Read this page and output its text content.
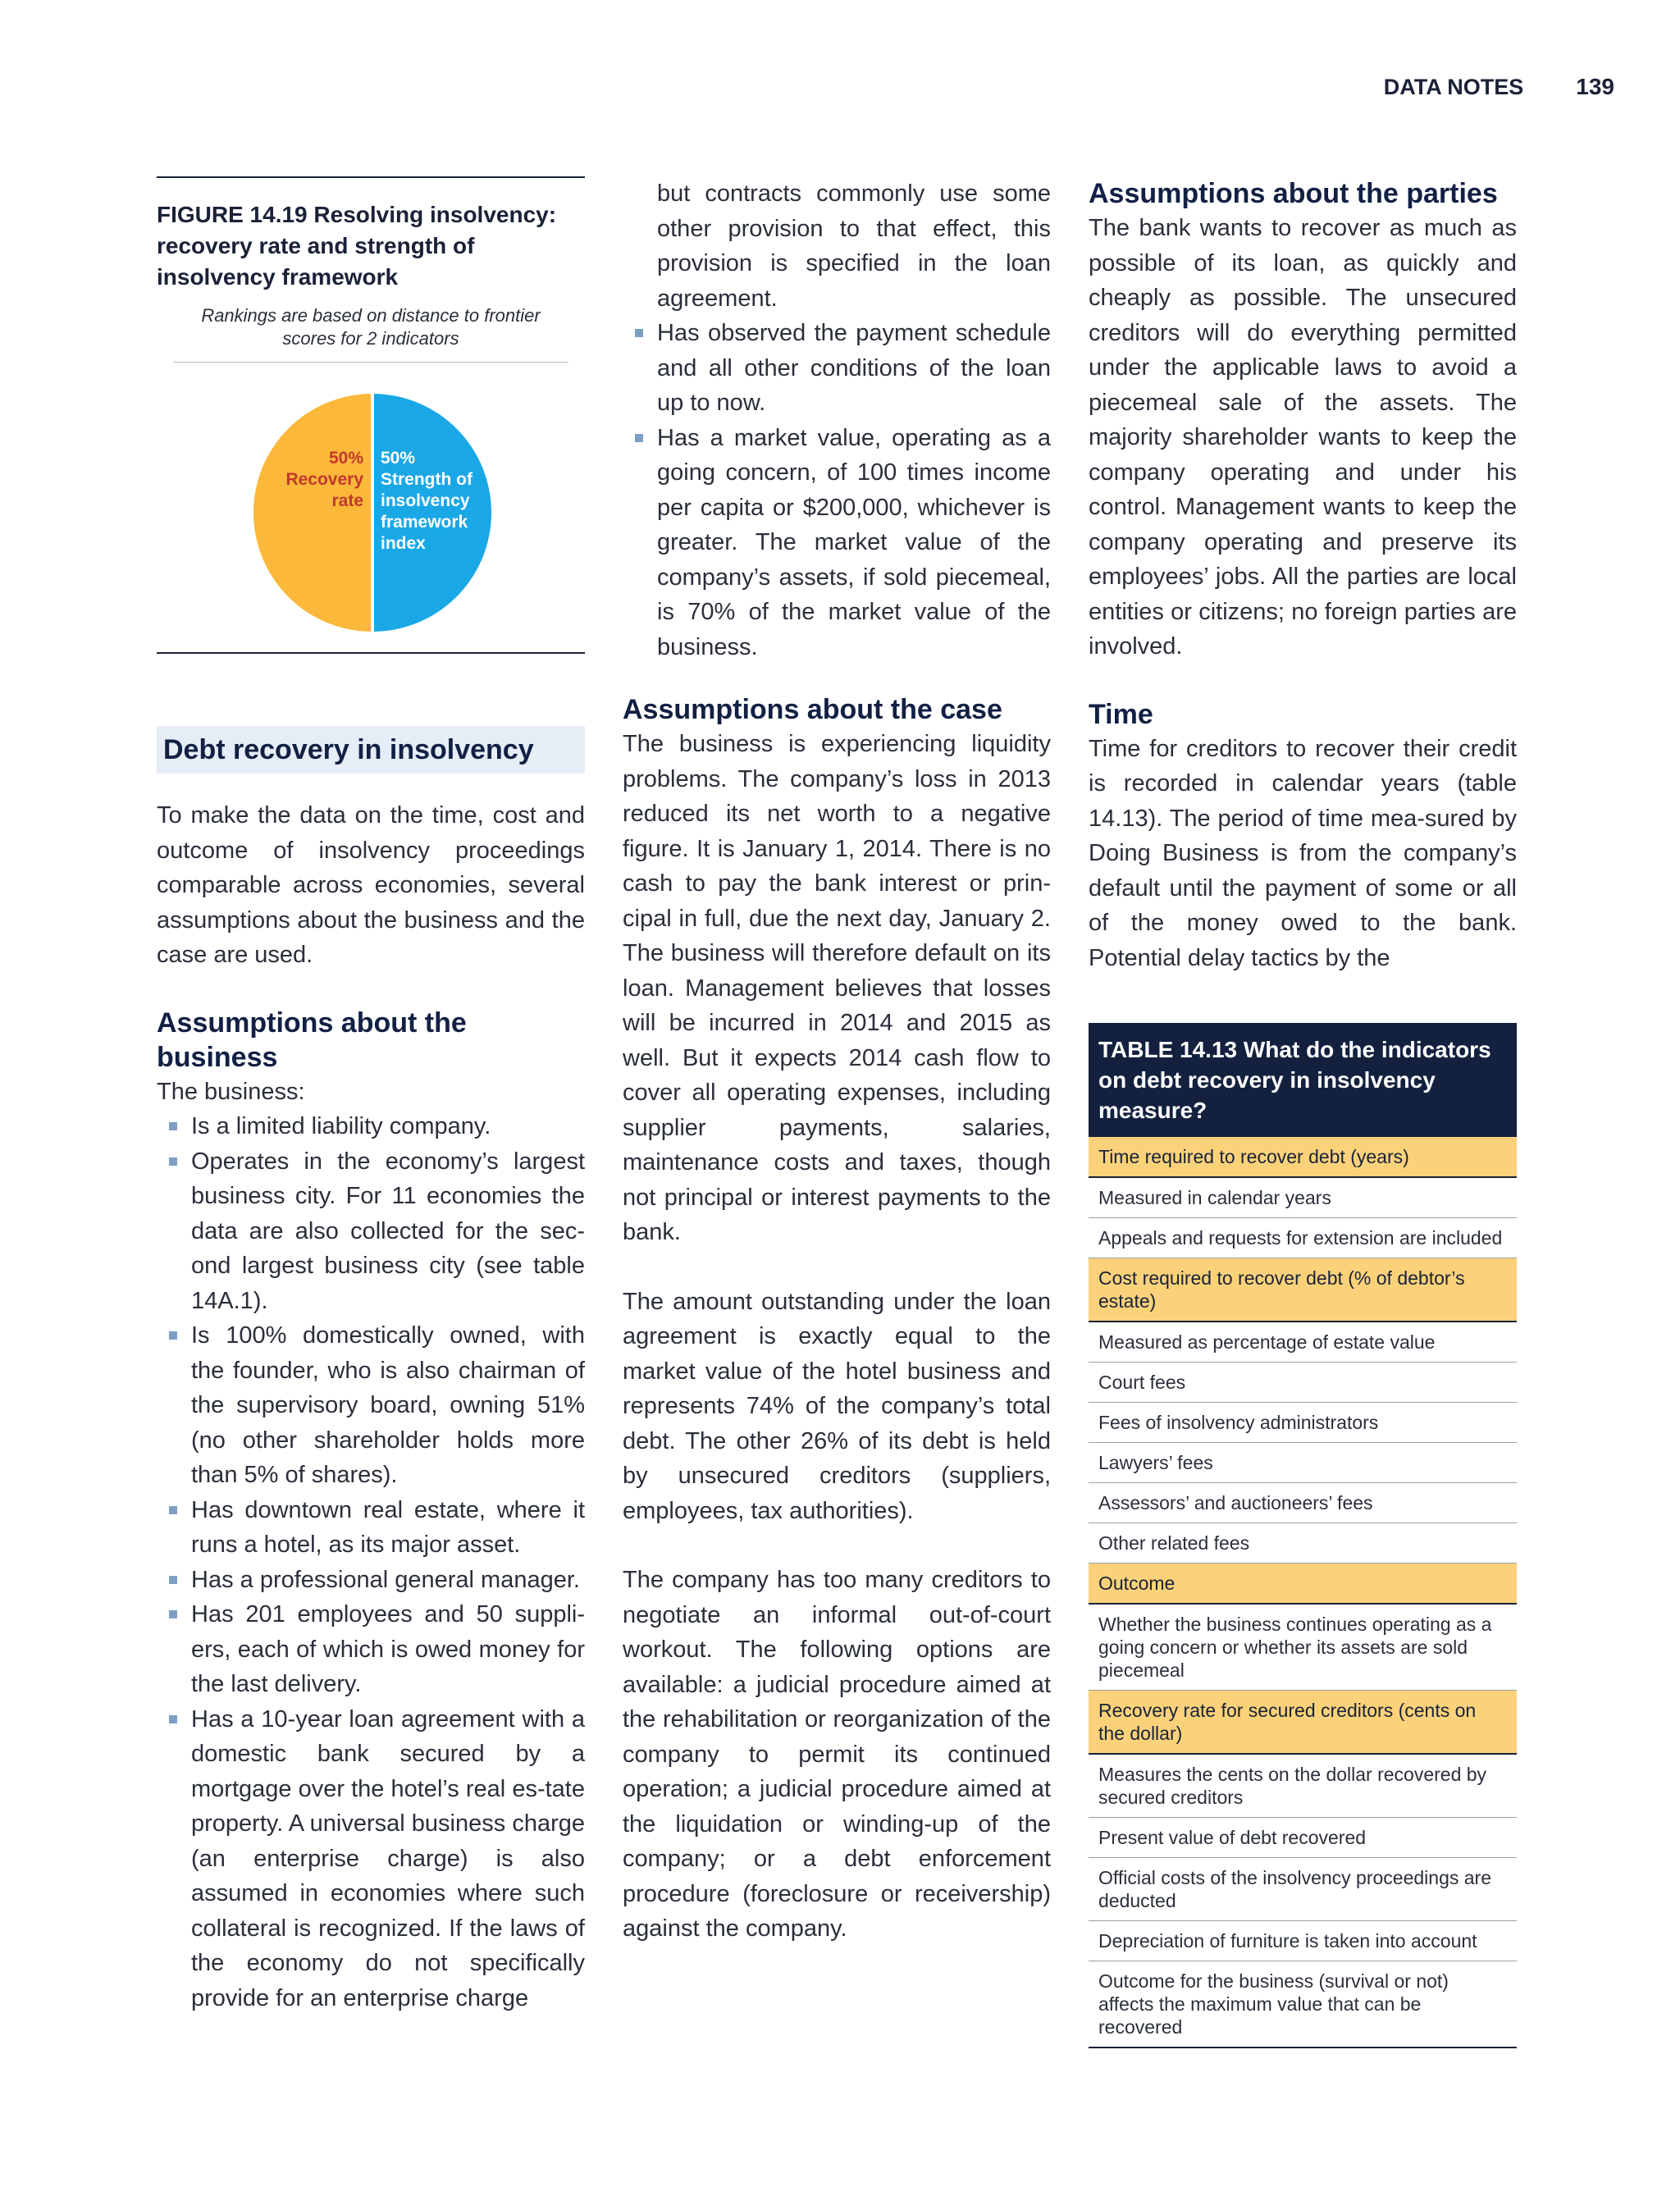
DATA NOTES 139
FIGURE 14.19 Resolving insolvency: recovery rate and strength of insolvency framework
Rankings are based on distance to frontier scores for 2 indicators
50%
Recovery
rate
50%
Strength of
insolvency
framework
index
Debt recovery in insolvency

To make the data on the time, cost and outcome of insolvency proceedings comparable across economies, several assumptions about the business and the case are used.

Assumptions about the business

The business:

Is a limited liability company.
Operates in the economy’s largest business city. For 11 economies the data are also collected for the sec-ond largest business city (see table 14A.1).
Is 100% domestically owned, with the founder, who is also chairman of the supervisory board, owning 51% (no other shareholder holds more than 5% of shares).
Has downtown real estate, where it runs a hotel, as its major asset.
Has a professional general manager.
Has 201 employees and 50 suppli-ers, each of which is owed money for the last delivery.
Has a 10-year loan agreement with a domestic bank secured by a mortgage over the hotel’s real es-tate property. A universal business charge (an enterprise charge) is also assumed in economies where such collateral is recognized. If the laws of the economy do not specifically provide for an enterprise charge
but contracts commonly use some other provision to that effect, this provision is specified in the loan agreement.
Has observed the payment schedule and all other conditions of the loan up to now.
Has a market value, operating as a going concern, of 100 times income per capita or $200,000, whichever is greater. The market value of the company’s assets, if sold piecemeal, is 70% of the market value of the business.
Assumptions about the case

The business is experiencing liquidity problems. The company’s loss in 2013 reduced its net worth to a negative figure. It is January 1, 2014. There is no cash to pay the bank interest or prin-cipal in full, due the next day, January 2. The business will therefore default on its loan. Management believes that losses will be incurred in 2014 and 2015 as well. But it expects 2014 cash flow to cover all operating expenses, including supplier payments, salaries, maintenance costs and taxes, though not principal or interest payments to the bank.

The amount outstanding under the loan agreement is exactly equal to the market value of the hotel business and represents 74% of the company’s total debt. The other 26% of its debt is held by unsecured creditors (suppliers, employees, tax authorities).

The company has too many creditors to negotiate an informal out-of-court workout. The following options are available: a judicial procedure aimed at the rehabilitation or reorganization of the company to permit its continued operation; a judicial procedure aimed at the liquidation or winding-up of the company; or a debt enforcement procedure (foreclosure or receivership) against the company.

Assumptions about the parties

The bank wants to recover as much as possible of its loan, as quickly and cheaply as possible. The unsecured creditors will do everything permitted under the applicable laws to avoid a piecemeal sale of the assets. The majority shareholder wants to keep the company operating and under his control. Management wants to keep the company operating and preserve its employees’ jobs. All the parties are local entities or citizens; no foreign parties are involved.

Time

Time for creditors to recover their credit is recorded in calendar years (table 14.13). The period of time mea-sured by Doing Business is from the company’s default until the payment of some or all of the money owed to the bank. Potential delay tactics by the

TABLE 14.13 What do the indicators on debt recovery in insolvency measure?
Time required to recover debt (years)
Measured in calendar years
Appeals and requests for extension are included
Cost required to recover debt (% of debtor’s estate)
Measured as percentage of estate value
Court fees
Fees of insolvency administrators
Lawyers’ fees
Assessors’ and auctioneers’ fees
Other related fees
Outcome
Whether the business continues operating as a going concern or whether its assets are sold piecemeal
Recovery rate for secured creditors (cents on the dollar)
Measures the cents on the dollar recovered by secured creditors
Present value of debt recovered
Official costs of the insolvency proceedings are deducted
Depreciation of furniture is taken into account
Outcome for the business (survival or not) affects the maximum value that can be recovered
